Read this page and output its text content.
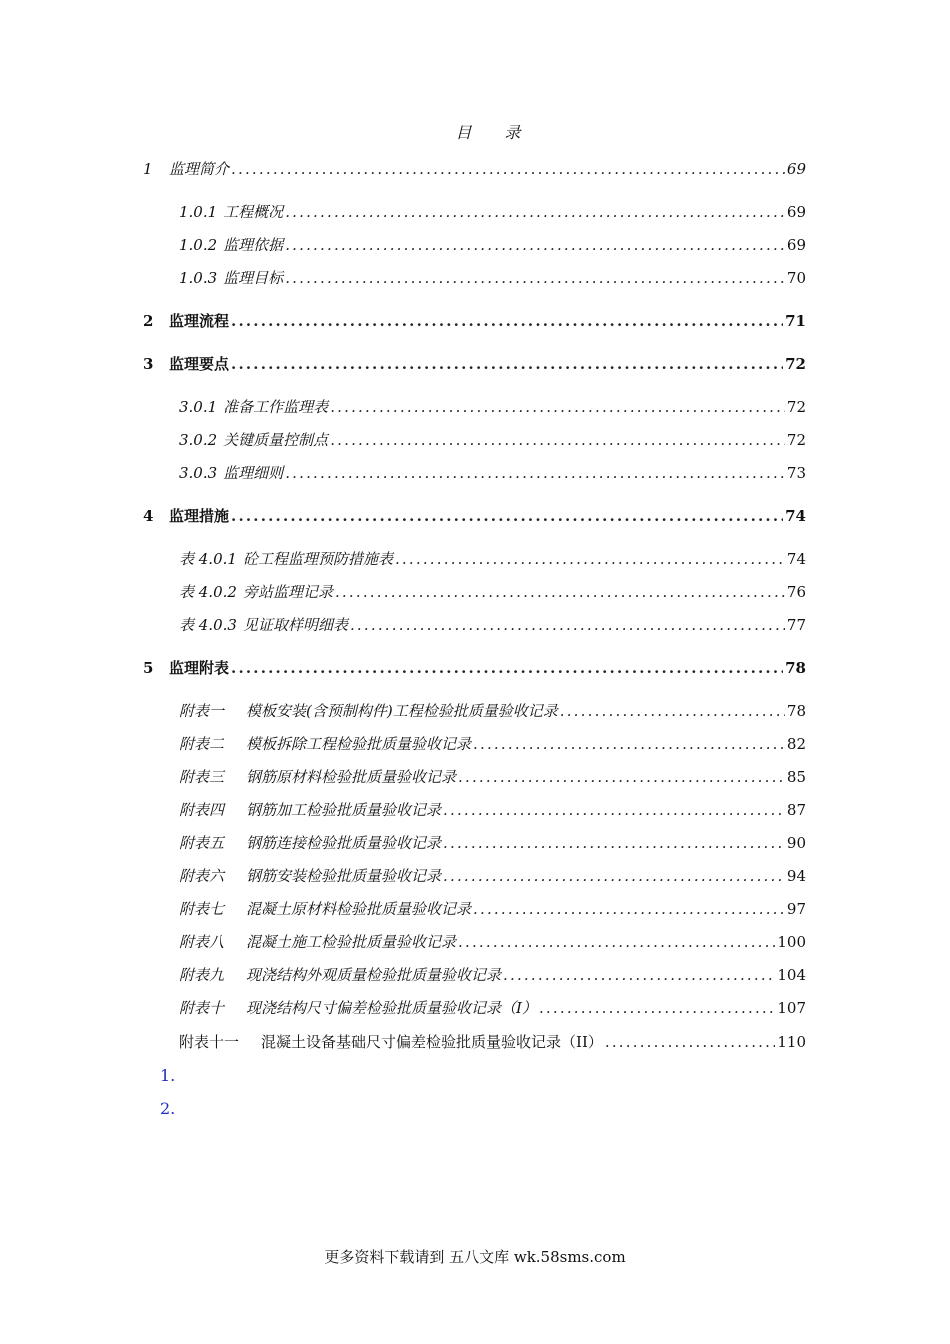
目 录
1	监理简介 .....	69
1.0.1 工程概况 .....	69
1.0.2 监理依据 .....	69
1.0.3 监理目标 .....	70
2	监理流程 .....	71
3	监理要点 .....	72
3.0.1 准备工作监理表 .....	72
3.0.2 关键质量控制点 .....	72
3.0.3 监理细则 .....	73
4	监理措施 .....	74
表 4.0.1 砼工程监理预防措施表 .....	74
表 4.0.2 旁站监理记录 .....	76
表 4.0.3 见证取样明细表 .....	77
5	监理附表 .....	78
附表一 模板安装(含预制构件)工程检验批质量验收记录 .....	78
附表二 模板拆除工程检验批质量验收记录 .....	82
附表三 钢筋原材料检验批质量验收记录 .....	85
附表四 钢筋加工检验批质量验收记录 .....	87
附表五 钢筋连接检验批质量验收记录 .....	90
附表六 钢筋安装检验批质量验收记录 .....	94
附表七 混凝土原材料检验批质量验收记录 .....	97
附表八 混凝土施工检验批质量验收记录 .....	100
附表九 现浇结构外观质量检验批质量验收记录 .....	104
附表十 现浇结构尺寸偏差检验批质量验收记录（I） .....	107
附表十一 混凝土设备基础尺寸偏差检验批质量验收记录（II） .....	110
1.
2.
更多资料下载请到 五八文库 wk.58sms.com
